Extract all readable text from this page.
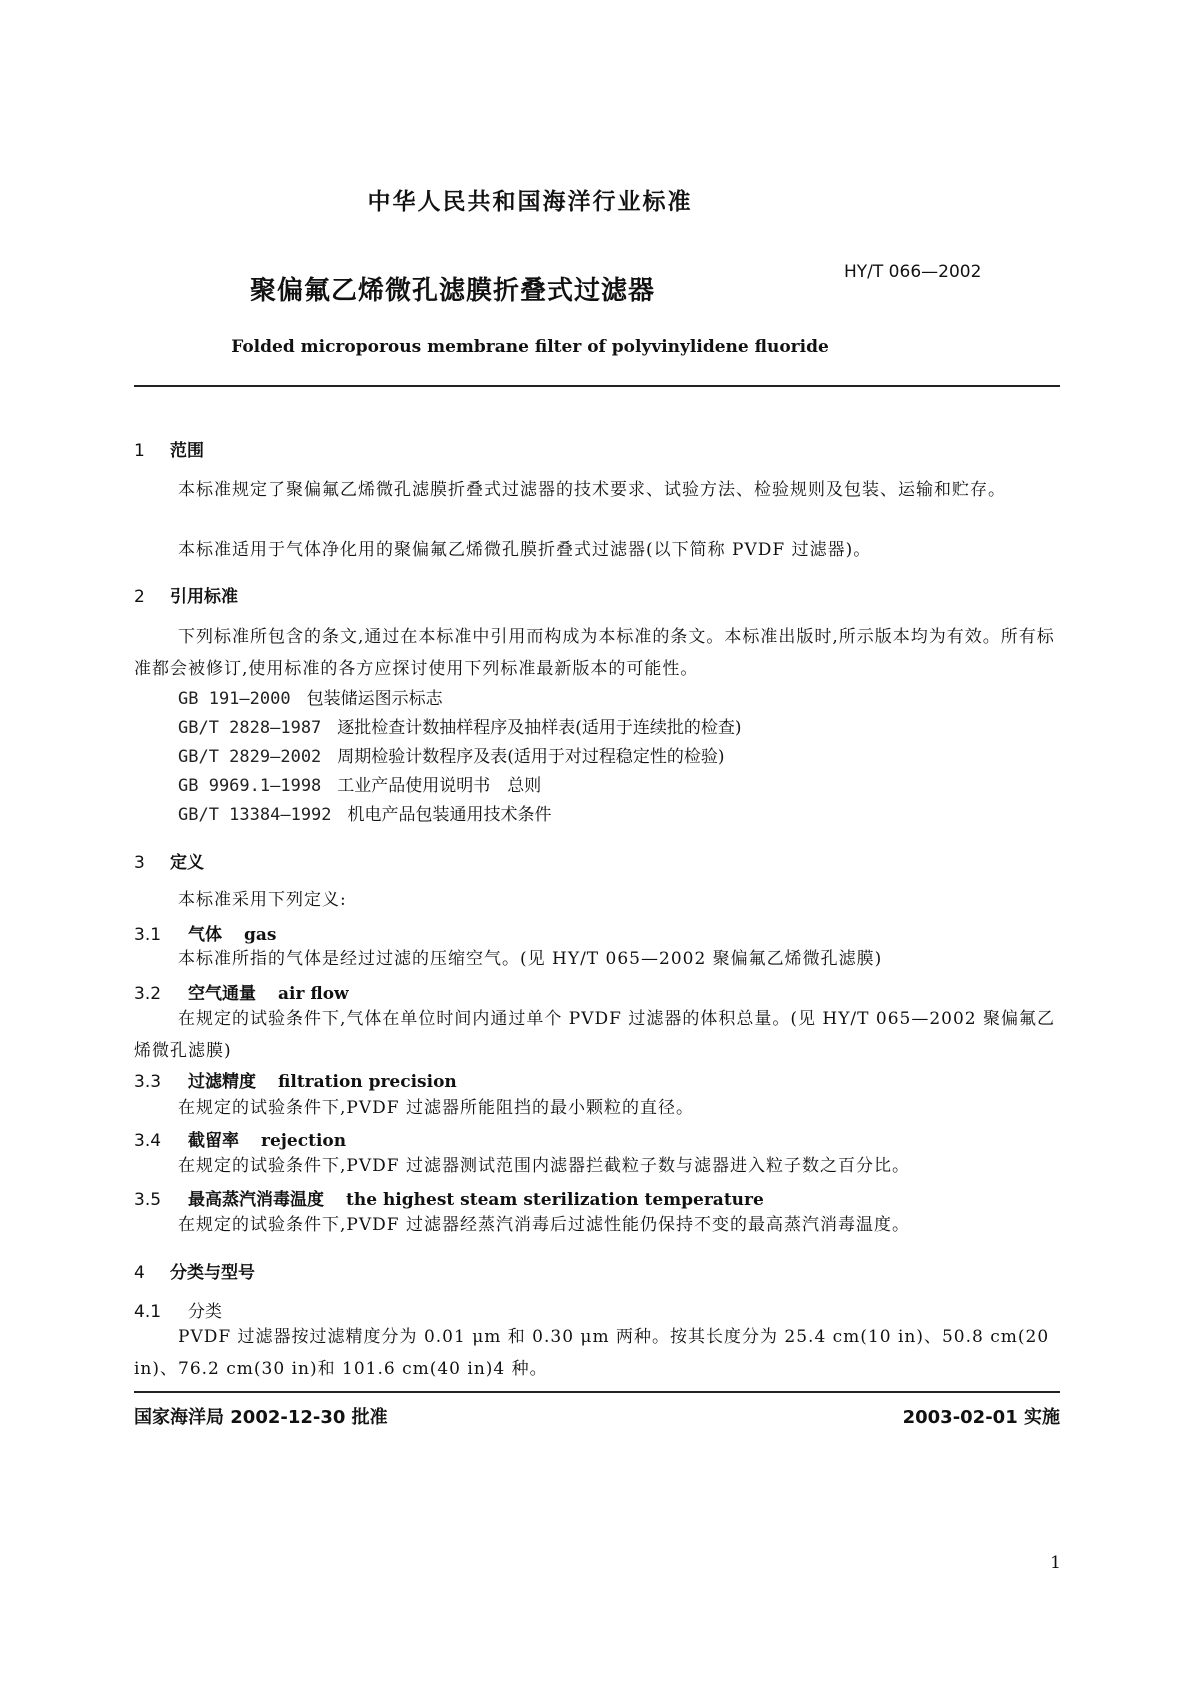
中华人民共和国海洋行业标准
聚偏氟乙烯微孔滤膜折叠式过滤器
HY/T 066—2002
Folded microporous membrane filter of polyvinylidene fluoride
1 范围
本标准规定了聚偏氟乙烯微孔滤膜折叠式过滤器的技术要求、试验方法、检验规则及包装、运输和贮存。
本标准适用于气体净化用的聚偏氟乙烯微孔膜折叠式过滤器(以下简称 PVDF 过滤器)。
2 引用标准
下列标准所包含的条文,通过在本标准中引用而构成为本标准的条文。本标准出版时,所示版本均为有效。所有标准都会被修订,使用标准的各方应探讨使用下列标准最新版本的可能性。
GB 191—2000 包装储运图示标志
GB/T 2828—1987 逐批检查计数抽样程序及抽样表(适用于连续批的检查)
GB/T 2829—2002 周期检验计数程序及表(适用于对过程稳定性的检验)
GB 9969.1—1998 工业产品使用说明书　总则
GB/T 13384—1992 机电产品包装通用技术条件
3 定义
本标准采用下列定义:
3.1 气体 gas
本标准所指的气体是经过过滤的压缩空气。(见 HY/T 065—2002 聚偏氟乙烯微孔滤膜)
3.2 空气通量 air flow
在规定的试验条件下,气体在单位时间内通过单个 PVDF 过滤器的体积总量。(见 HY/T 065—2002 聚偏氟乙烯微孔滤膜)
3.3 过滤精度 filtration precision
在规定的试验条件下,PVDF 过滤器所能阻挡的最小颗粒的直径。
3.4 截留率 rejection
在规定的试验条件下,PVDF 过滤器测试范围内滤器拦截粒子数与滤器进入粒子数之百分比。
3.5 最高蒸汽消毒温度 the highest steam sterilization temperature
在规定的试验条件下,PVDF 过滤器经蒸汽消毒后过滤性能仍保持不变的最高蒸汽消毒温度。
4 分类与型号
4.1 分类
PVDF 过滤器按过滤精度分为 0.01 μm 和 0.30 μm 两种。按其长度分为 25.4 cm(10 in)、50.8 cm(20 in)、76.2 cm(30 in)和 101.6 cm(40 in)4 种。
国家海洋局 2002-12-30 批准	2003-02-01 实施
1
